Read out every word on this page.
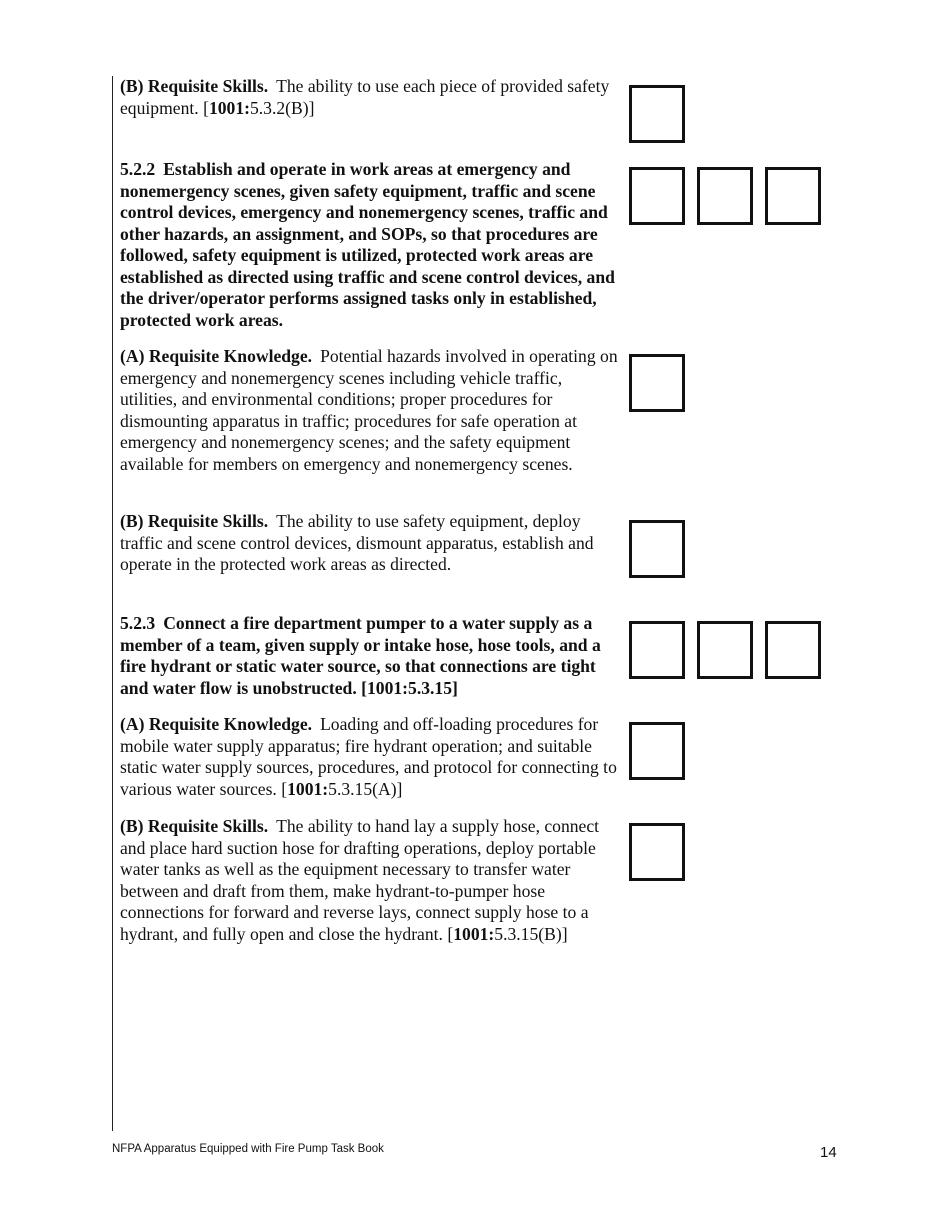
(B) Requisite Skills. The ability to use each piece of provided safety equipment. [1001:5.3.2(B)]

5.2.2 Establish and operate in work areas at emergency and nonemergency scenes, given safety equipment, traffic and scene control devices, emergency and nonemergency scenes, traffic and other hazards, an assignment, and SOPs, so that procedures are followed, safety equipment is utilized, protected work areas are established as directed using traffic and scene control devices, and the driver/operator performs assigned tasks only in established, protected work areas.

(A) Requisite Knowledge. Potential hazards involved in operating on emergency and nonemergency scenes including vehicle traffic, utilities, and environmental conditions; proper procedures for dismounting apparatus in traffic; procedures for safe operation at emergency and nonemergency scenes; and the safety equipment available for members on emergency and nonemergency scenes.

(B) Requisite Skills. The ability to use safety equipment, deploy traffic and scene control devices, dismount apparatus, establish and operate in the protected work areas as directed.

5.2.3 Connect a fire department pumper to a water supply as a member of a team, given supply or intake hose, hose tools, and a fire hydrant or static water source, so that connections are tight and water flow is unobstructed. [1001:5.3.15]

(A) Requisite Knowledge. Loading and off-loading procedures for mobile water supply apparatus; fire hydrant operation; and suitable static water supply sources, procedures, and protocol for connecting to various water sources. [1001:5.3.15(A)]

(B) Requisite Skills. The ability to hand lay a supply hose, connect and place hard suction hose for drafting operations, deploy portable water tanks as well as the equipment necessary to transfer water between and draft from them, make hydrant-to-pumper hose connections for forward and reverse lays, connect supply hose to a hydrant, and fully open and close the hydrant. [1001:5.3.15(B)]

NFPA Apparatus Equipped with Fire Pump Task Book	14
